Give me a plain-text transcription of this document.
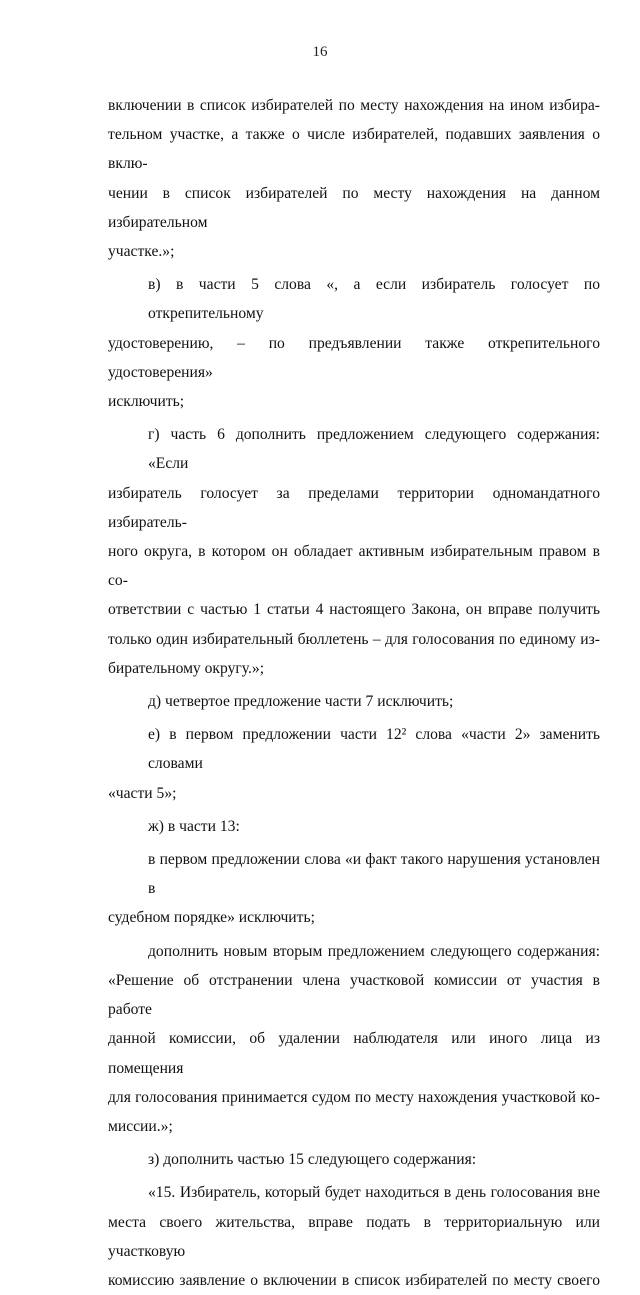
16

включении в список избирателей по месту нахождения на ином избира-

тельном участке, а также о числе избирателей, подавших заявления о вклю-

чении в список избирателей по месту нахождения на данном избирательном

участке.»;

в) в части 5 слова «, а если избиратель голосует по открепительному

удостоверению, – по предъявлении также открепительного удостоверения»

исключить;

г) часть 6 дополнить предложением следующего содержания: «Если

избиратель голосует за пределами территории одномандатного избиратель-

ного округа, в котором он обладает активным избирательным правом в со-

ответствии с частью 1 статьи 4 настоящего Закона, он вправе получить

только один избирательный бюллетень – для голосования по единому из-

бирательному округу.»;

д) четвертое предложение части 7 исключить;

е) в первом предложении части 12² слова «части 2» заменить словами

«части 5»;

ж) в части 13:

в первом предложении слова «и факт такого нарушения установлен в

судебном порядке» исключить;

дополнить новым вторым предложением следующего содержания:

«Решение об отстранении члена участковой комиссии от участия в работе

данной комиссии, об удалении наблюдателя или иного лица из помещения

для голосования принимается судом по месту нахождения участковой ко-

миссии.»;

з) дополнить частью 15 следующего содержания:

«15. Избиратель, который будет находиться в день голосования вне

места своего жительства, вправе подать в территориальную или участковую

комиссию заявление о включении в список избирателей по месту своего
